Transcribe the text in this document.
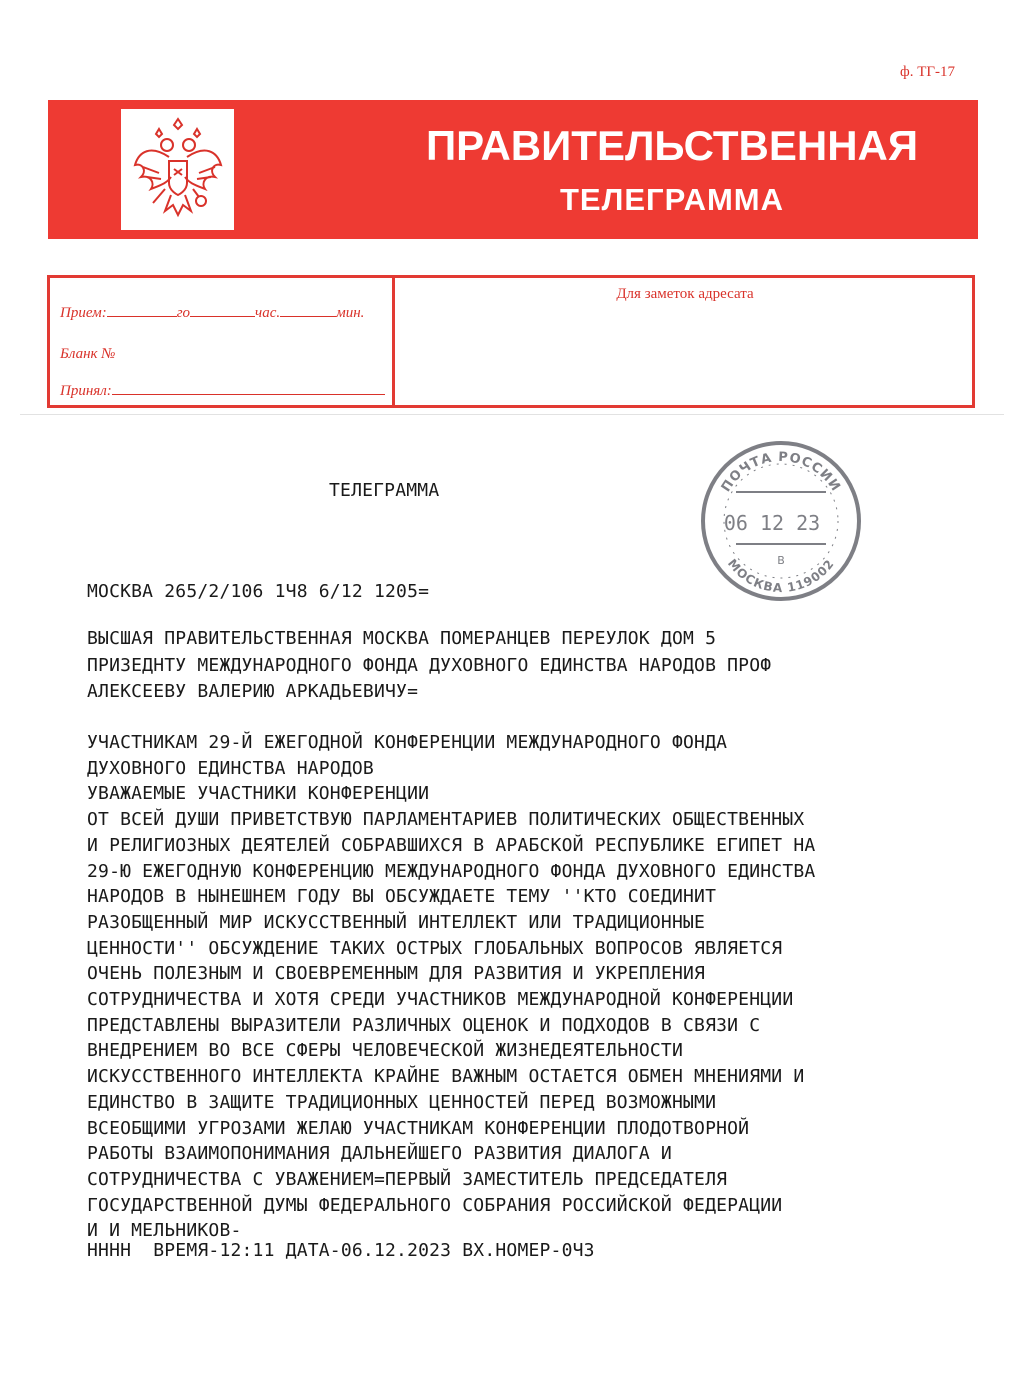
ф. ТГ-17
ПРАВИТЕЛЬСТВЕННАЯ
ТЕЛЕГРАММА
Прием:	го	час.	мин.
Бланк №
Принял:
Для заметок адресата
ПОЧТА РОССИИ
06 12 23
В
МОСКВА 119002
ТЕЛЕГРАММА
МОСКВА 265/2/106 1Ч8 6/12 1205=
ВЫСШАЯ ПРАВИТЕЛЬСТВЕННАЯ МОСКВА ПОМЕРАНЦЕВ ПЕРЕУЛОК ДОМ 5
ПРИЗЕДНТУ МЕЖДУНАРОДНОГО ФОНДА ДУХОВНОГО ЕДИНСТВА НАРОДОВ ПРОФ
АЛЕКСЕЕВУ ВАЛЕРИЮ АРКАДЬЕВИЧУ=
УЧАСТНИКАМ 29-Й ЕЖЕГОДНОЙ КОНФЕРЕНЦИИ МЕЖДУНАРОДНОГО ФОНДА
ДУХОВНОГО ЕДИНСТВА НАРОДОВ
УВАЖАЕМЫЕ УЧАСТНИКИ КОНФЕРЕНЦИИ
ОТ ВСЕЙ ДУШИ ПРИВЕТСТВУЮ ПАРЛАМЕНТАРИЕВ ПОЛИТИЧЕСКИХ ОБЩЕСТВЕННЫХ
И РЕЛИГИОЗНЫХ ДЕЯТЕЛЕЙ СОБРАВШИХСЯ В АРАБСКОЙ РЕСПУБЛИКЕ ЕГИПЕТ НА
29-Ю ЕЖЕГОДНУЮ КОНФЕРЕНЦИЮ МЕЖДУНАРОДНОГО ФОНДА ДУХОВНОГО ЕДИНСТВА
НАРОДОВ В НЫНЕШНЕМ ГОДУ ВЫ ОБСУЖДАЕТЕ ТЕМУ ''КТО СОЕДИНИТ
РАЗОБЩЕННЫЙ МИР ИСКУССТВЕННЫЙ ИНТЕЛЛЕКТ ИЛИ ТРАДИЦИОННЫЕ
ЦЕННОСТИ'' ОБСУЖДЕНИЕ ТАКИХ ОСТРЫХ ГЛОБАЛЬНЫХ ВОПРОСОВ ЯВЛЯЕТСЯ
ОЧЕНЬ ПОЛЕЗНЫМ И СВОЕВРЕМЕННЫМ ДЛЯ РАЗВИТИЯ И УКРЕПЛЕНИЯ
СОТРУДНИЧЕСТВА И ХОТЯ СРЕДИ УЧАСТНИКОВ МЕЖДУНАРОДНОЙ КОНФЕРЕНЦИИ
ПРЕДСТАВЛЕНЫ ВЫРАЗИТЕЛИ РАЗЛИЧНЫХ ОЦЕНОК И ПОДХОДОВ В СВЯЗИ С
ВНЕДРЕНИЕМ ВО ВСЕ СФЕРЫ ЧЕЛОВЕЧЕСКОЙ ЖИЗНЕДЕЯТЕЛЬНОСТИ
ИСКУССТВЕННОГО ИНТЕЛЛЕКТА КРАЙНЕ ВАЖНЫМ ОСТАЕТСЯ ОБМЕН МНЕНИЯМИ И
ЕДИНСТВО В ЗАЩИТЕ ТРАДИЦИОННЫХ ЦЕННОСТЕЙ ПЕРЕД ВОЗМОЖНЫМИ
ВСЕОБЩИМИ УГРОЗАМИ ЖЕЛАЮ УЧАСТНИКАМ КОНФЕРЕНЦИИ ПЛОДОТВОРНОЙ
РАБОТЫ ВЗАИМОПОНИМАНИЯ ДАЛЬНЕЙШЕГО РАЗВИТИЯ ДИАЛОГА И
СОТРУДНИЧЕСТВА С УВАЖЕНИЕМ=ПЕРВЫЙ ЗАМЕСТИТЕЛЬ ПРЕДСЕДАТЕЛЯ
ГОСУДАРСТВЕННОЙ ДУМЫ ФЕДЕРАЛЬНОГО СОБРАНИЯ РОССИЙСКОЙ ФЕДЕРАЦИИ
И И МЕЛЬНИКОВ-
НННН  ВРЕМЯ-12:11 ДАТА-06.12.2023 ВХ.НОМЕР-0Ч3
